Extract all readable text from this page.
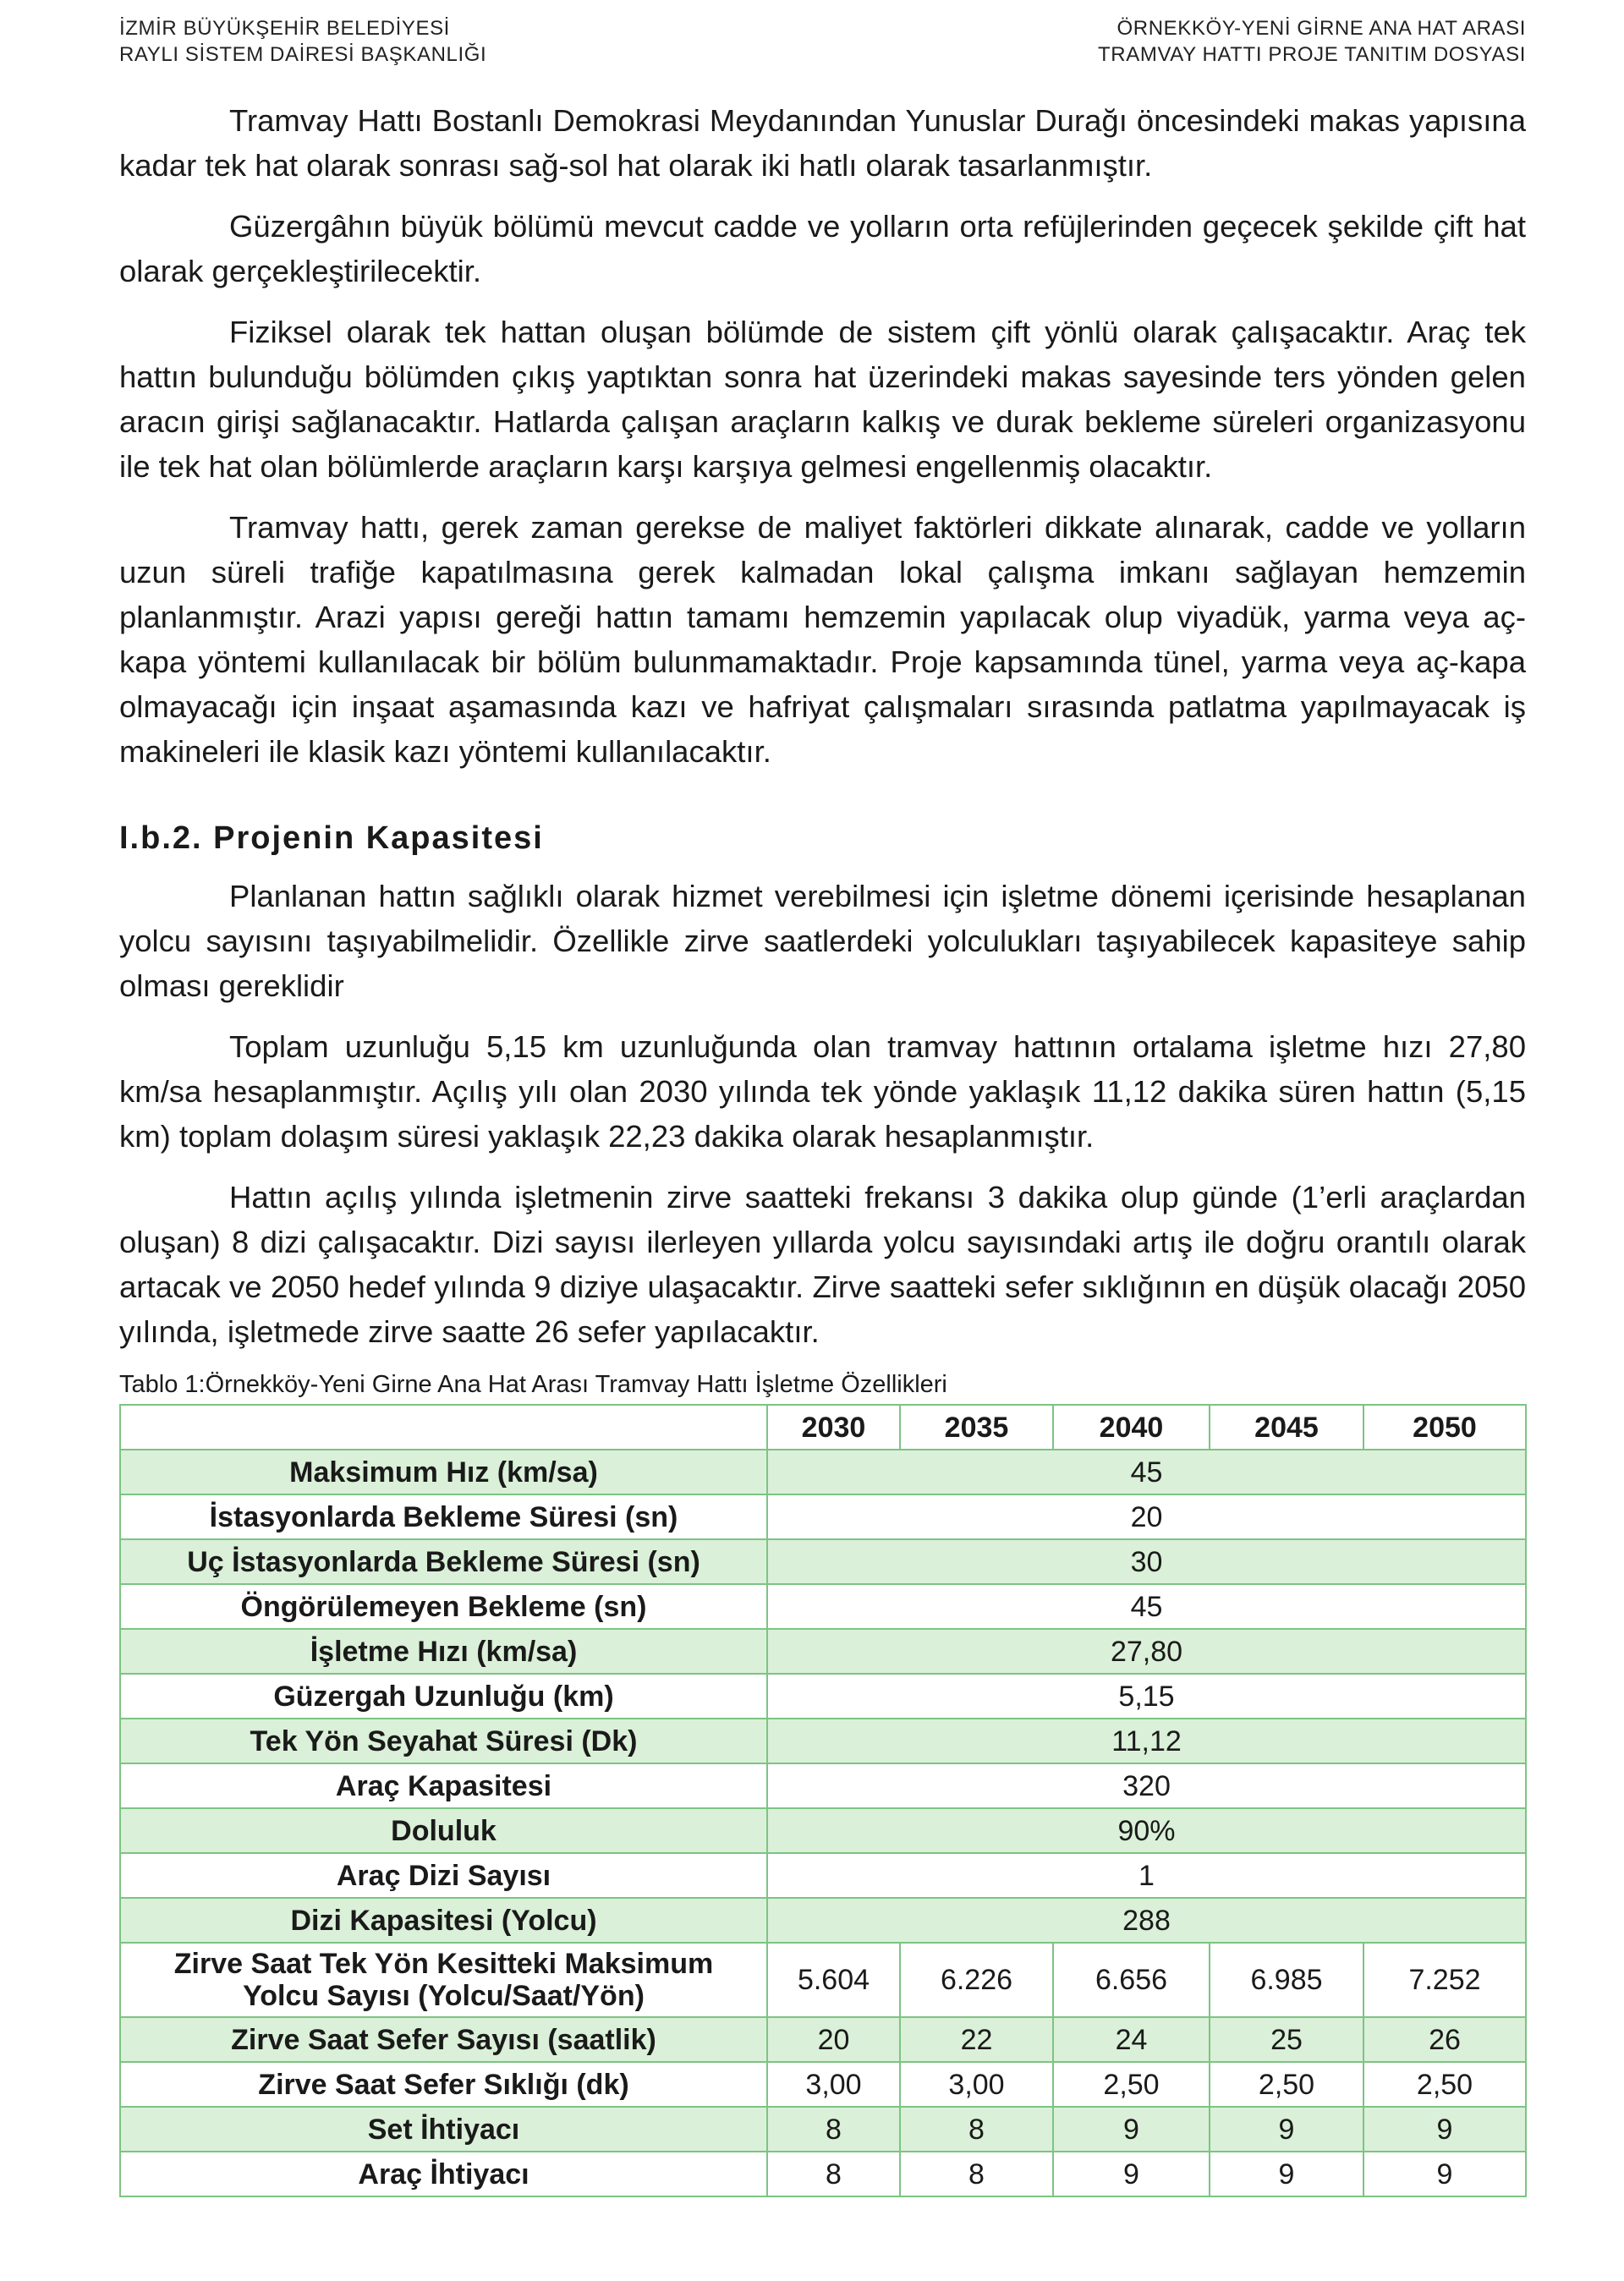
İZMİR BÜYÜKŞEHİR BELEDİYESİ
RAYLI SİSTEM DAİRESİ BAŞKANLIĞI
ÖRNEKKÖY-YENİ GİRNE ANA HAT ARASI
TRAMVAY HATTI PROJE TANITIM DOSYASI

Tramvay Hattı Bostanlı Demokrasi Meydanından Yunuslar Durağı öncesindeki makas yapısına kadar tek hat olarak sonrası sağ-sol hat olarak iki hatlı olarak tasarlanmıştır.

Güzergâhın büyük bölümü mevcut cadde ve yolların orta refüjlerinden geçecek şekilde çift hat olarak gerçekleştirilecektir.

Fiziksel olarak tek hattan oluşan bölümde de sistem çift yönlü olarak çalışacaktır. Araç tek hattın bulunduğu bölümden çıkış yaptıktan sonra hat üzerindeki makas sayesinde ters yönden gelen aracın girişi sağlanacaktır. Hatlarda çalışan araçların kalkış ve durak bekleme süreleri organizasyonu ile tek hat olan bölümlerde araçların karşı karşıya gelmesi engellenmiş olacaktır.

Tramvay hattı, gerek zaman gerekse de maliyet faktörleri dikkate alınarak, cadde ve yolların uzun süreli trafiğe kapatılmasına gerek kalmadan lokal çalışma imkanı sağlayan hemzemin planlanmıştır. Arazi yapısı gereği hattın tamamı hemzemin yapılacak olup viyadük, yarma veya aç-kapa yöntemi kullanılacak bir bölüm bulunmamaktadır. Proje kapsamında tünel, yarma veya aç-kapa olmayacağı için inşaat aşamasında kazı ve hafriyat çalışmaları sırasında patlatma yapılmayacak iş makineleri ile klasik kazı yöntemi kullanılacaktır.

I.b.2. Projenin Kapasitesi

Planlanan hattın sağlıklı olarak hizmet verebilmesi için işletme dönemi içerisinde hesaplanan yolcu sayısını taşıyabilmelidir. Özellikle zirve saatlerdeki yolculukları taşıyabilecek kapasiteye sahip olması gereklidir

Toplam uzunluğu 5,15 km uzunluğunda olan tramvay hattının ortalama işletme hızı 27,80 km/sa hesaplanmıştır. Açılış yılı olan 2030 yılında tek yönde yaklaşık 11,12 dakika süren hattın (5,15 km) toplam dolaşım süresi yaklaşık 22,23 dakika olarak hesaplanmıştır.

Hattın açılış yılında işletmenin zirve saatteki frekansı 3 dakika olup günde (1’erli araçlardan oluşan) 8 dizi çalışacaktır. Dizi sayısı ilerleyen yıllarda yolcu sayısındaki artış ile doğru orantılı olarak artacak ve 2050 hedef yılında 9 diziye ulaşacaktır. Zirve saatteki sefer sıklığının en düşük olacağı 2050 yılında, işletmede zirve saatte 26 sefer yapılacaktır.

Tablo 1:Örnekköy-Yeni Girne Ana Hat Arası Tramvay Hattı İşletme Özellikleri
	2030	2035	2040	2045	2050
Maksimum Hız (km/sa)	45				
İstasyonlarda Bekleme Süresi (sn)	20				
Uç İstasyonlarda Bekleme Süresi (sn)	30				
Öngörülemeyen Bekleme (sn)	45				
İşletme Hızı (km/sa)	27,80				
Güzergah Uzunluğu (km)	5,15				
Tek Yön Seyahat Süresi (Dk)	11,12				
Araç Kapasitesi	320				
Doluluk	90%				
Araç Dizi Sayısı	1				
Dizi Kapasitesi (Yolcu)	288				
Zirve Saat Tek Yön Kesitteki Maksimum
Yolcu Sayısı (Yolcu/Saat/Yön)	5.604	6.226	6.656	6.985	7.252
Zirve Saat Sefer Sayısı (saatlik)	20	22	24	25	26
Zirve Saat Sefer Sıklığı (dk)	3,00	3,00	2,50	2,50	2,50
Set İhtiyacı	8	8	9	9	9
Araç İhtiyacı	8	8	9	9	9
